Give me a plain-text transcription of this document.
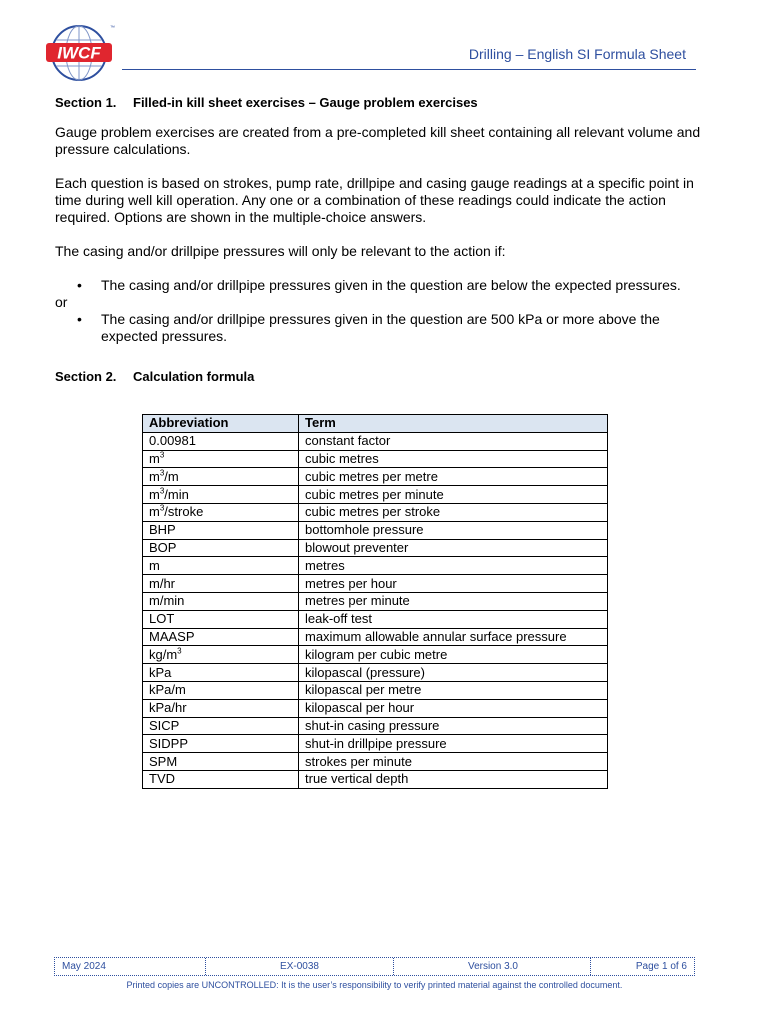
IWCF
™
Drilling – English SI Formula Sheet
Section 1. Filled-in kill sheet exercises – Gauge problem exercises

Gauge problem exercises are created from a pre-completed kill sheet containing all relevant volume and pressure calculations.

Each question is based on strokes, pump rate, drillpipe and casing gauge readings at a specific point in time during well kill operation. Any one or a combination of these readings could indicate the action required. Options are shown in the multiple-choice answers.

The casing and/or drillpipe pressures will only be relevant to the action if:

• The casing and/or drillpipe pressures given in the question are below the expected pressures.

or

• The casing and/or drillpipe pressures given in the question are 500 kPa or more above the expected pressures.
Section 2. Calculation formula
Abbreviation	Term
0.00981	constant factor
$m^3$	cubic metres
$m^3/m$	cubic metres per metre
$m^3/\min$	cubic metres per minute
$m^3$/stroke	cubic metres per stroke
BHP	bottomhole pressure
BOP	blowout preventer
m	metres
m/hr	metres per hour
m/min	metres per minute
LOT	leak-off test
MAASP	maximum allowable annular surface pressure
$kg/m^3$	kilogram per cubic metre
kPa	kilopascal (pressure)
kPa/m	kilopascal per metre
kPa/hr	kilopascal per hour
SICP	shut-in casing pressure
SIDPP	shut-in drillpipe pressure
SPM	strokes per minute
TVD	true vertical depth
May 2024	EX-0038	Version 3.0	Page 1 of 6
Printed copies are UNCONTROLLED: It is the user’s responsibility to verify printed material against the controlled document.
